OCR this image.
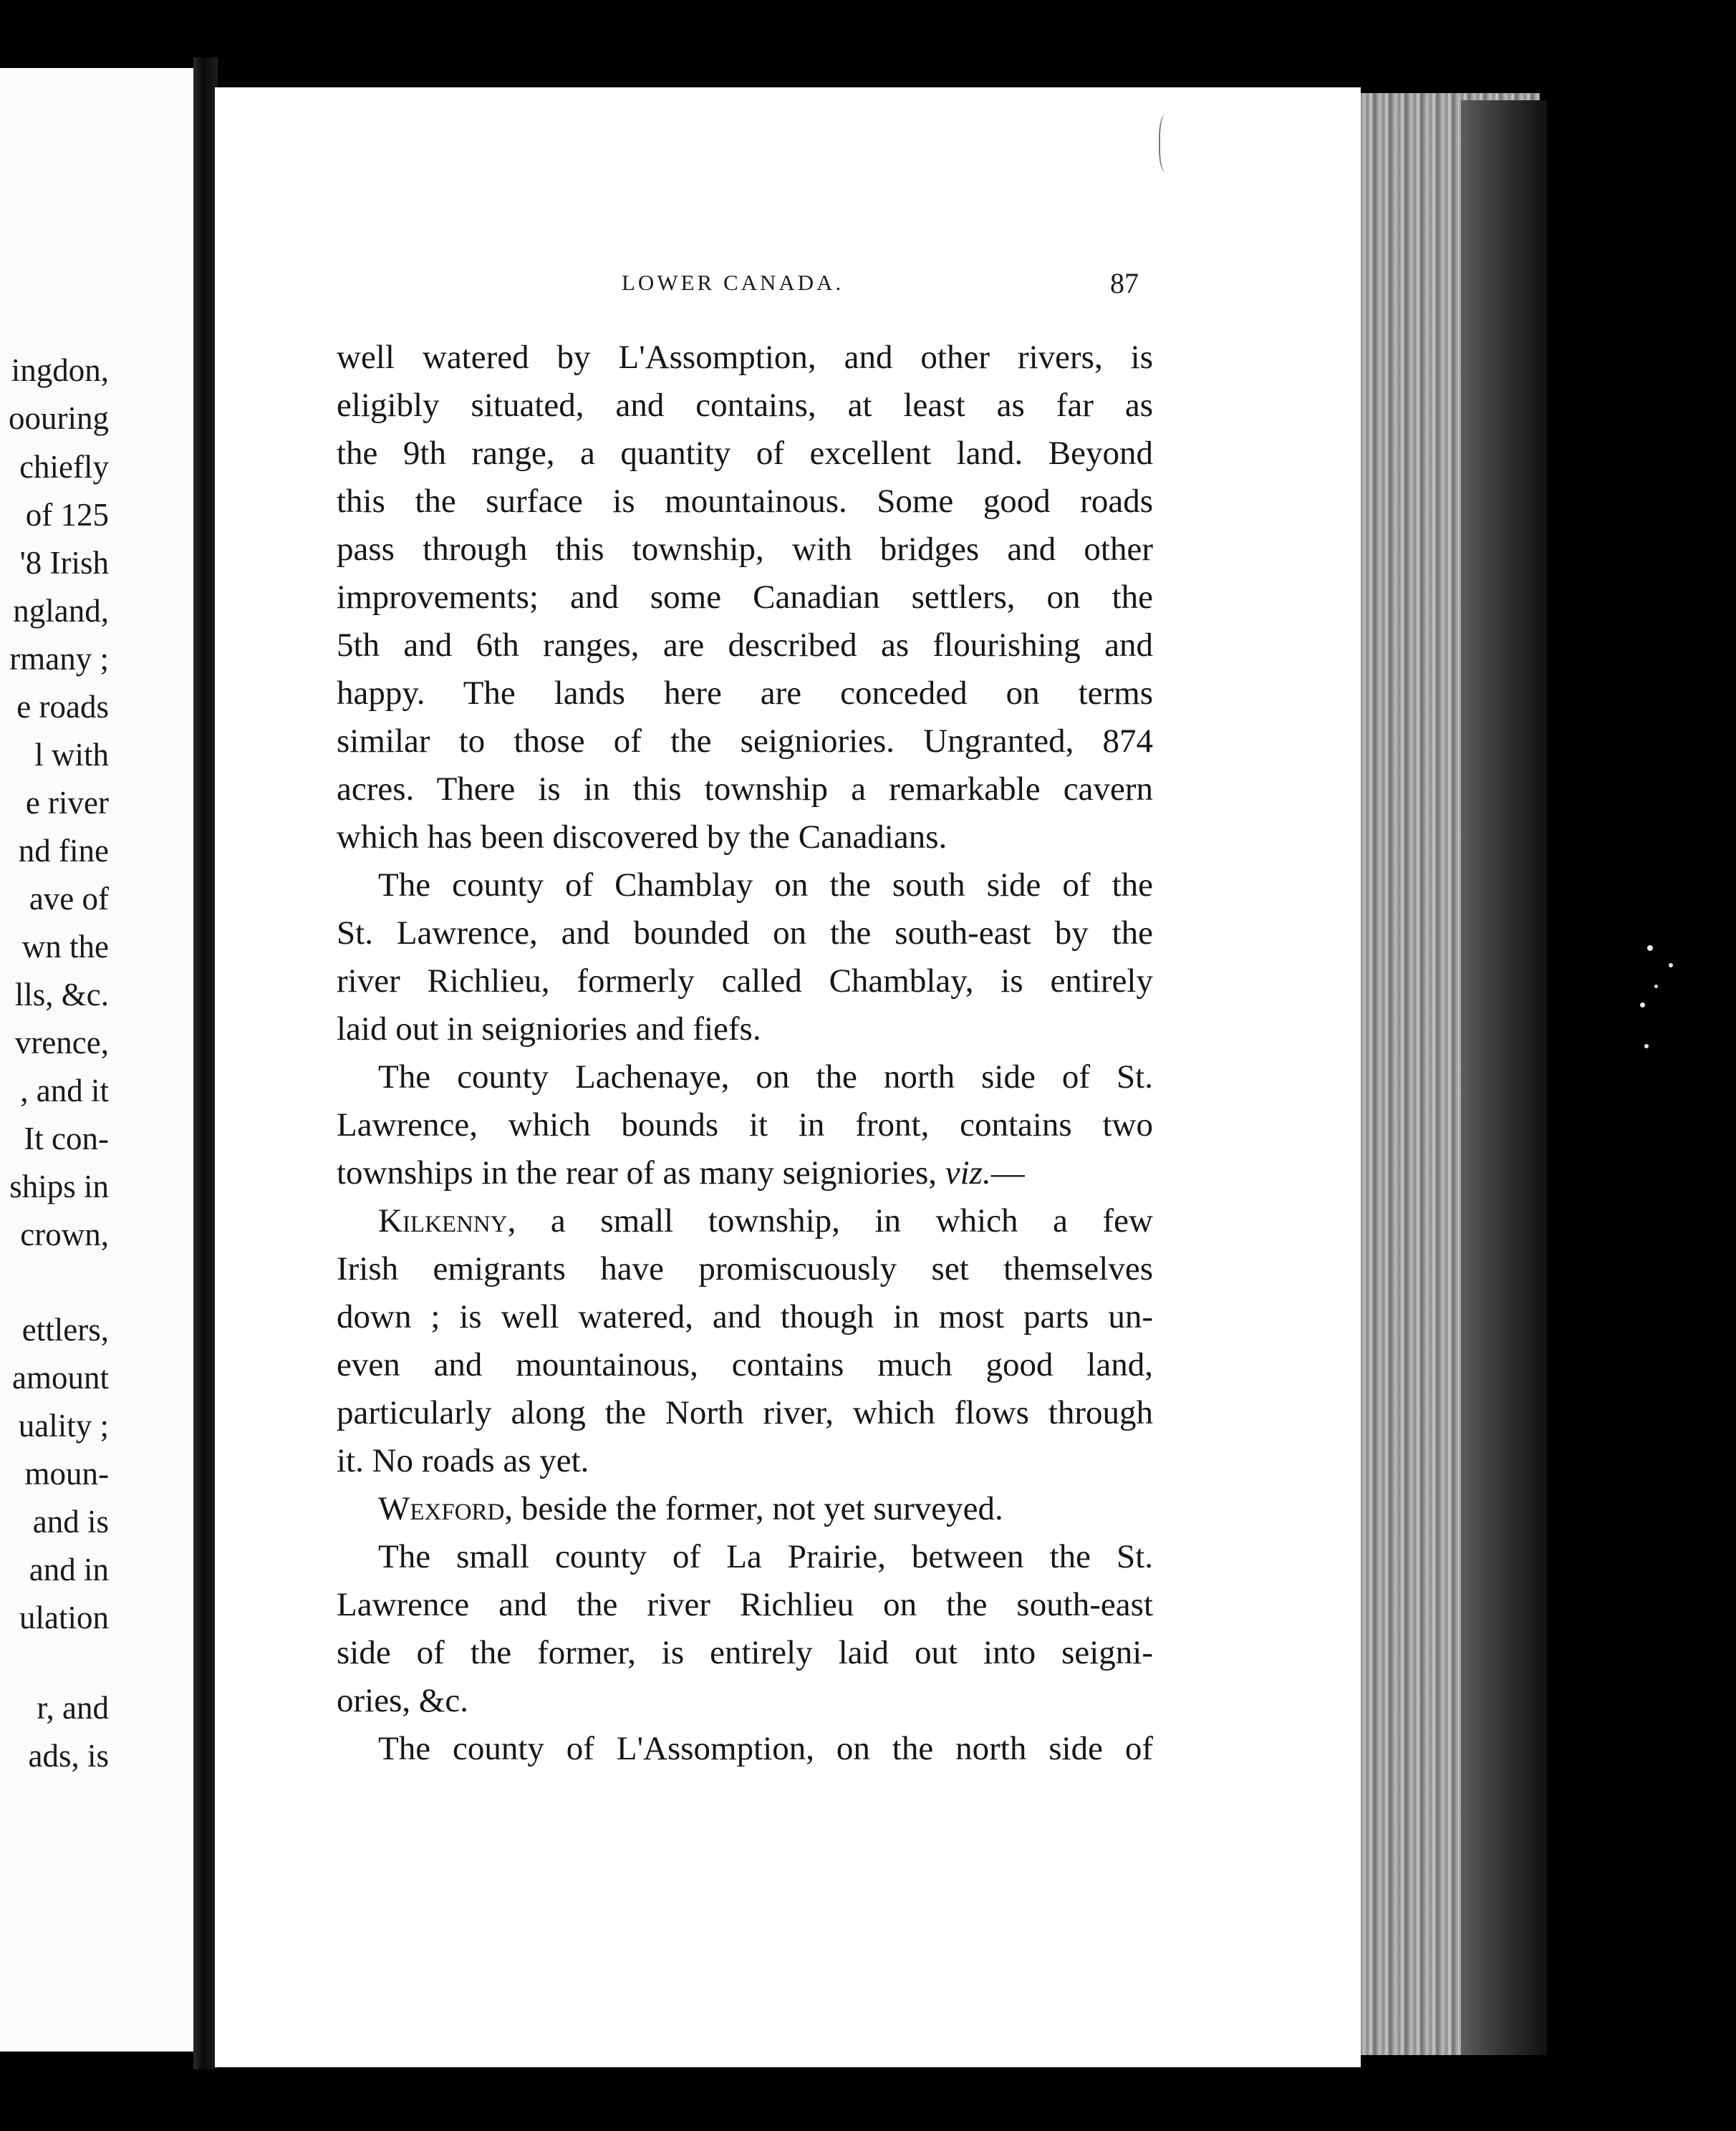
ingdon,
oouring
chiefly
of 125
'8 Irish
ngland,
rmany ;
e roads
l with
e river
nd fine
ave of
wn the
lls, &c.
vrence,
, and it
It con-
ships in
crown,
ettlers,
amount
uality ;
moun-
and is
and in
ulation
r, and
ads, is
LOWER CANADA.	87
well watered by L'Assomption, and other rivers, is
eligibly situated, and contains, at least as far as
the 9th range, a quantity of excellent land. Beyond
this the surface is mountainous. Some good roads
pass through this township, with bridges and other
improvements; and some Canadian settlers, on the
5th and 6th ranges, are described as flourishing and
happy. The lands here are conceded on terms
similar to those of the seigniories. Ungranted, 874
acres. There is in this township a remarkable cavern
which has been discovered by the Canadians.
The county of Chamblay on the south side of the
St. Lawrence, and bounded on the south-east by the
river Richlieu, formerly called Chamblay, is entirely
laid out in seigniories and fiefs.
The county Lachenaye, on the north side of St.
Lawrence, which bounds it in front, contains two
townships in the rear of as many seigniories, viz.—
Kilkenny, a small township, in which a few
Irish emigrants have promiscuously set themselves
down ; is well watered, and though in most parts un-
even and mountainous, contains much good land,
particularly along the North river, which flows through
it. No roads as yet.
Wexford, beside the former, not yet surveyed.
The small county of La Prairie, between the St.
Lawrence and the river Richlieu on the south-east
side of the former, is entirely laid out into seigni-
ories, &c.
The county of L'Assomption, on the north side of
